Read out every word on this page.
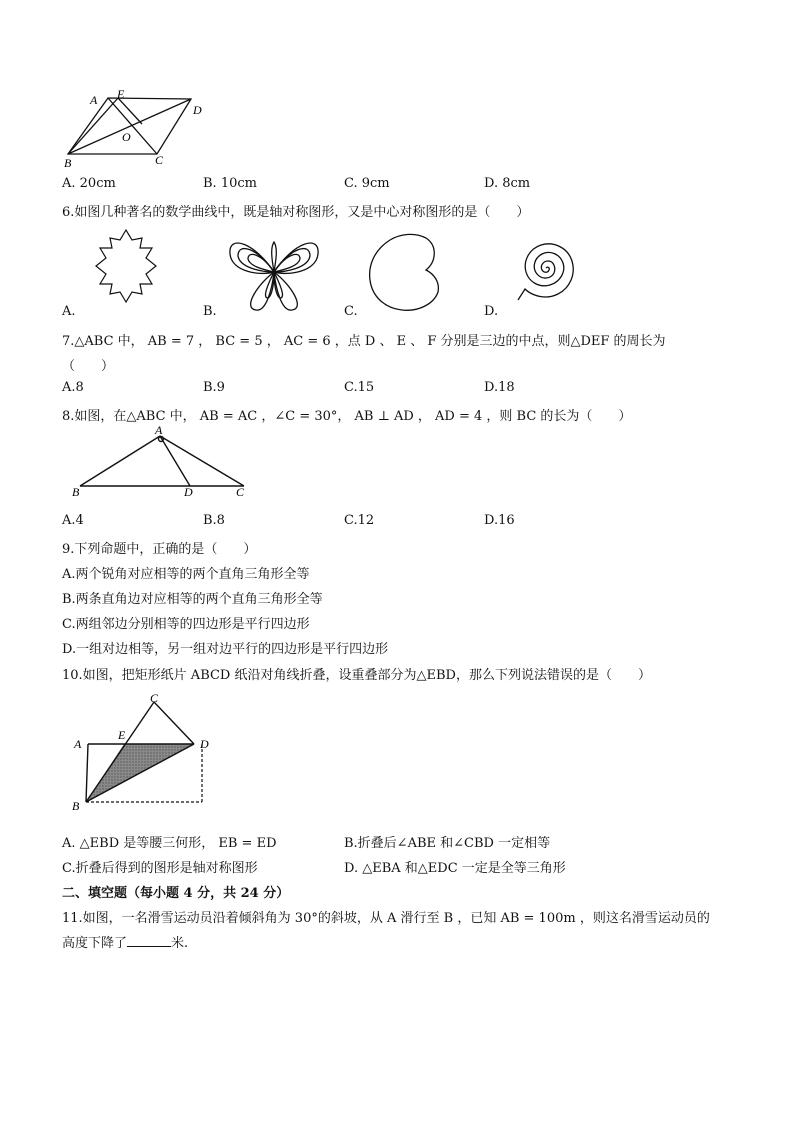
A E
D
O
B	C
A. 20cm	B. 10cm	C. 9cm	D. 8cm
6.如图几种著名的数学曲线中，既是轴对称图形，又是中心对称图形的是（　　）
A.	B.	C.	D.
7.△ABC 中， AB = 7 ， BC = 5 ， AC = 6 ，点 D 、 E 、 F 分别是三边的中点，则△DEF 的周长为
（　　）
A.8	B.9	C.15	D.18
8.如图，在△ABC 中， AB = AC ，∠C = 30°， AB ⊥ AD ， AD = 4 ，则 BC 的长为（　　）
A
B	D	C
A.4	B.8	C.12	D.16
9.下列命题中，正确的是（　　）
A.两个锐角对应相等的两个直角三角形全等
B.两条直角边对应相等的两个直角三角形全等
C.两组邻边分别相等的四边形是平行四边形
D.一组对边相等，另一组对边平行的四边形是平行四边形
10.如图，把矩形纸片 ABCD 纸沿对角线折叠，设重叠部分为△EBD，那么下列说法错误的是（　　）
C
A
E
D
B
A. △EBD 是等腰三何形， EB = ED	B.折叠后∠ABE 和∠CBD 一定相等
C.折叠后得到的图形是轴对称图形	D. △EBA 和△EDC 一定是全等三角形
二、填空题（每小题 4 分，共 24 分）
11.如图，一名滑雪运动员沿着倾斜角为 30°的斜坡，从 A 滑行至 B ，已知 AB = 100m ，则这名滑雪运动员的
高度下降了	米.
